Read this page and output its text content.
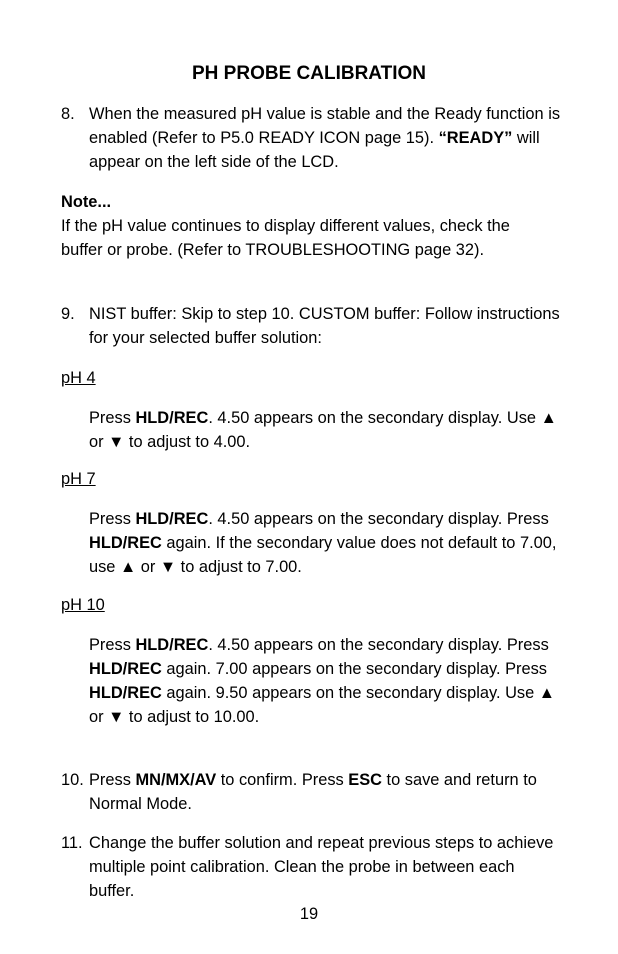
PH PROBE CALIBRATION
8. When the measured pH value is stable and the Ready function is enabled (Refer to P5.0 READY ICON page 15). “READY” will appear on the left side of the LCD.
Note...
If the pH value continues to display different values, check the buffer or probe. (Refer to TROUBLESHOOTING page 32).
9. NIST buffer: Skip to step 10. CUSTOM buffer: Follow instructions for your selected buffer solution:
pH 4
Press HLD/REC. 4.50 appears on the secondary display. Use ▲ or ▼ to adjust to 4.00.
pH 7
Press HLD/REC. 4.50 appears on the secondary display. Press HLD/REC again. If the secondary value does not default to 7.00, use ▲ or ▼ to adjust to 7.00.
pH 10
Press HLD/REC. 4.50 appears on the secondary display. Press HLD/REC again. 7.00 appears on the secondary display. Press HLD/REC again. 9.50 appears on the secondary display. Use ▲ or ▼ to adjust to 10.00.
10. Press MN/MX/AV to confirm. Press ESC to save and return to Normal Mode.
11. Change the buffer solution and repeat previous steps to achieve multiple point calibration. Clean the probe in between each buffer.
19
